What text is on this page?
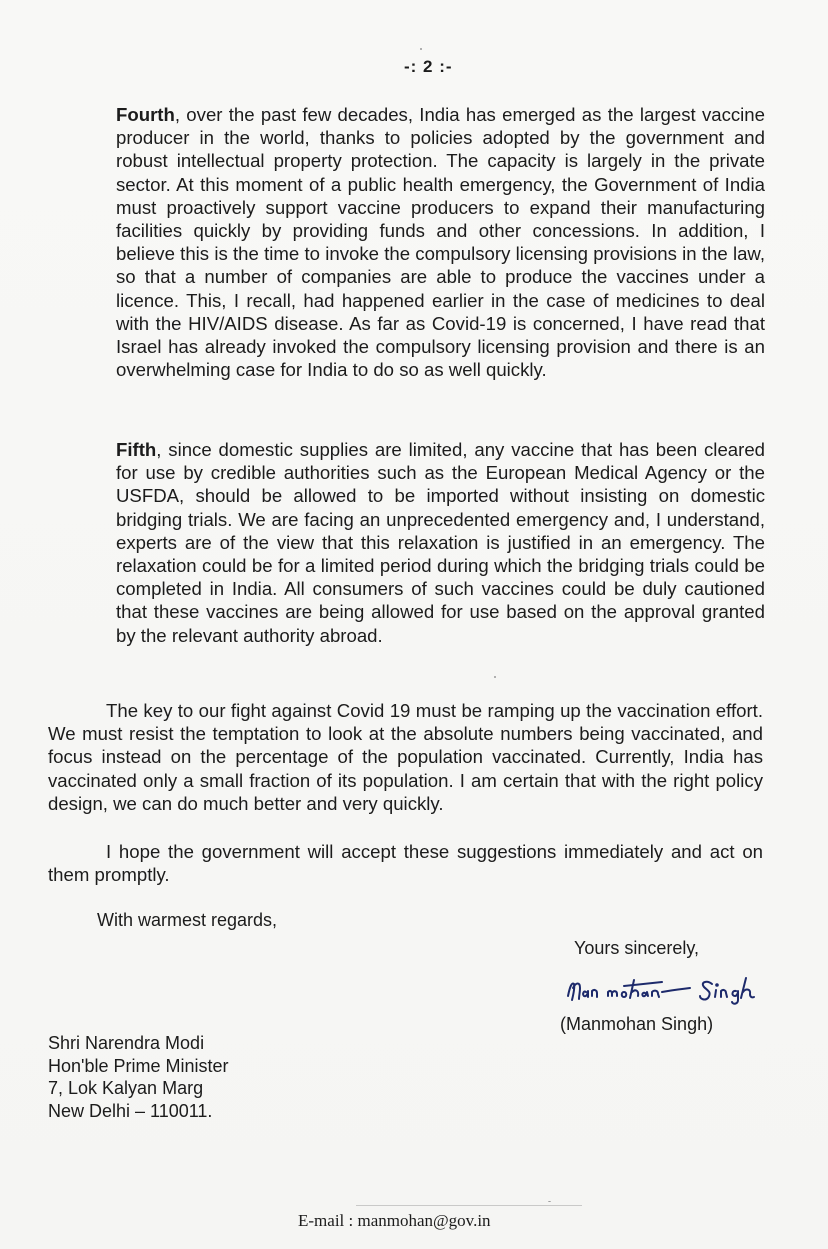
-: 2 :-
Fourth, over the past few decades, India has emerged as the largest vaccine producer in the world, thanks to policies adopted by the government and robust intellectual property protection. The capacity is largely in the private sector. At this moment of a public health emergency, the Government of India must proactively support vaccine producers to expand their manufacturing facilities quickly by providing funds and other concessions. In addition, I believe this is the time to invoke the compulsory licensing provisions in the law, so that a number of companies are able to produce the vaccines under a licence. This, I recall, had happened earlier in the case of medicines to deal with the HIV/AIDS disease. As far as Covid-19 is concerned, I have read that Israel has already invoked the compulsory licensing provision and there is an overwhelming case for India to do so as well quickly.
Fifth, since domestic supplies are limited, any vaccine that has been cleared for use by credible authorities such as the European Medical Agency or the USFDA, should be allowed to be imported without insisting on domestic bridging trials. We are facing an unprecedented emergency and, I understand, experts are of the view that this relaxation is justified in an emergency. The relaxation could be for a limited period during which the bridging trials could be completed in India. All consumers of such vaccines could be duly cautioned that these vaccines are being allowed for use based on the approval granted by the relevant authority abroad.
The key to our fight against Covid 19 must be ramping up the vaccination effort. We must resist the temptation to look at the absolute numbers being vaccinated, and focus instead on the percentage of the population vaccinated. Currently, India has vaccinated only a small fraction of its population. I am certain that with the right policy design, we can do much better and very quickly.
I hope the government will accept these suggestions immediately and act on them promptly.
With warmest regards,
Yours sincerely,
(Manmohan Singh)
Shri Narendra Modi
Hon'ble Prime Minister
7, Lok Kalyan Marg
New Delhi – 110011.
E-mail : manmohan@gov.in
